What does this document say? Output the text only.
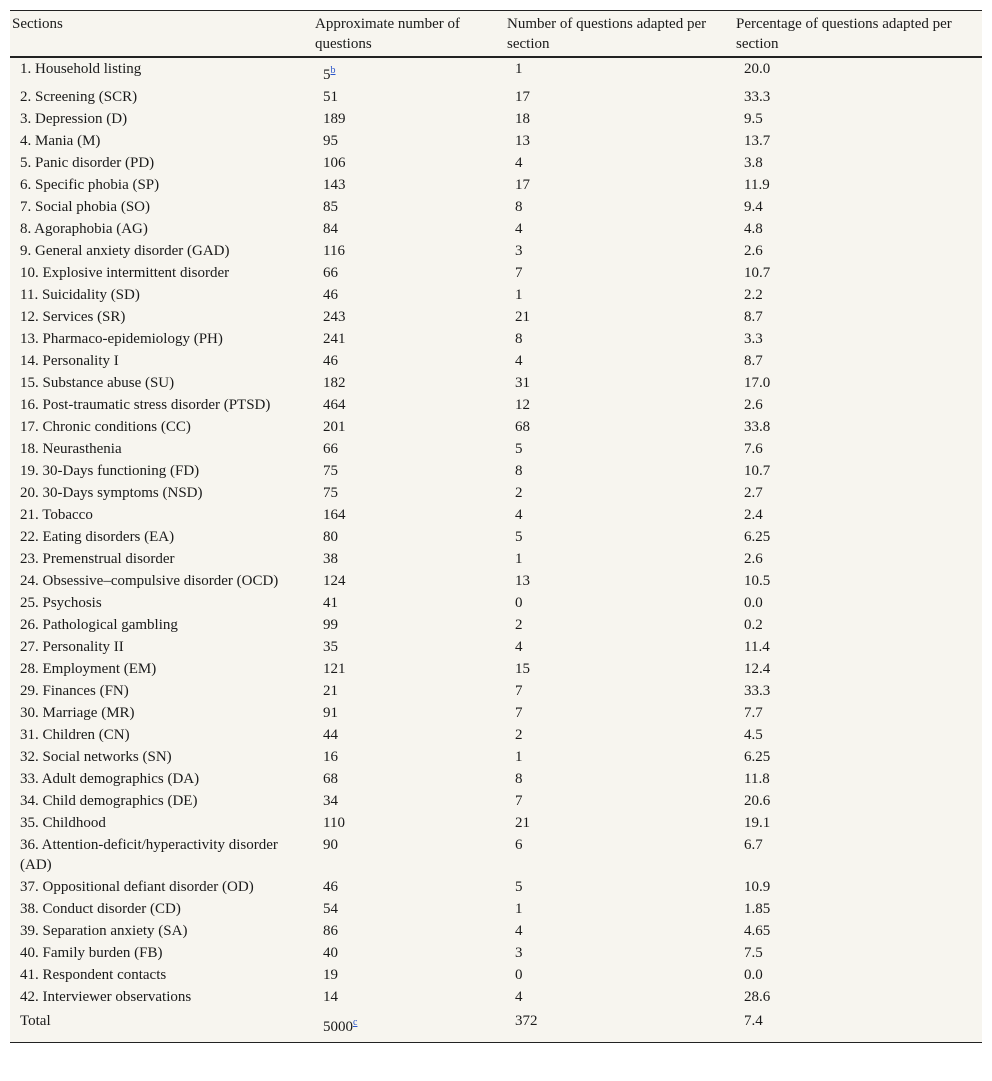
Sections	Approximate number of questions	Number of questions adapted per section	Percentage of questions adapted per section
1. Household listing	5$^b$	1	20.0
2. Screening (SCR)	51	17	33.3
3. Depression (D)	189	18	9.5
4. Mania (M)	95	13	13.7
5. Panic disorder (PD)	106	4	3.8
6. Specific phobia (SP)	143	17	11.9
7. Social phobia (SO)	85	8	9.4
8. Agoraphobia (AG)	84	4	4.8
9. General anxiety disorder (GAD)	116	3	2.6
10. Explosive intermittent disorder	66	7	10.7
11. Suicidality (SD)	46	1	2.2
12. Services (SR)	243	21	8.7
13. Pharmaco-epidemiology (PH)	241	8	3.3
14. Personality I	46	4	8.7
15. Substance abuse (SU)	182	31	17.0
16. Post-traumatic stress disorder (PTSD)	464	12	2.6
17. Chronic conditions (CC)	201	68	33.8
18. Neurasthenia	66	5	7.6
19. 30-Days functioning (FD)	75	8	10.7
20. 30-Days symptoms (NSD)	75	2	2.7
21. Tobacco	164	4	2.4
22. Eating disorders (EA)	80	5	6.25
23. Premenstrual disorder	38	1	2.6
24. Obsessive–compulsive disorder (OCD)	124	13	10.5
25. Psychosis	41	0	0.0
26. Pathological gambling	99	2	0.2
27. Personality II	35	4	11.4
28. Employment (EM)	121	15	12.4
29. Finances (FN)	21	7	33.3
30. Marriage (MR)	91	7	7.7
31. Children (CN)	44	2	4.5
32. Social networks (SN)	16	1	6.25
33. Adult demographics (DA)	68	8	11.8
34. Child demographics (DE)	34	7	20.6
35. Childhood	110	21	19.1
36. Attention-deficit/hyperactivity disorder (AD)	90	6	6.7
37. Oppositional defiant disorder (OD)	46	5	10.9
38. Conduct disorder (CD)	54	1	1.85
39. Separation anxiety (SA)	86	4	4.65
40. Family burden (FB)	40	3	7.5
41. Respondent contacts	19	0	0.0
42. Interviewer observations	14	4	28.6
Total	5000$^c$	372	7.4
